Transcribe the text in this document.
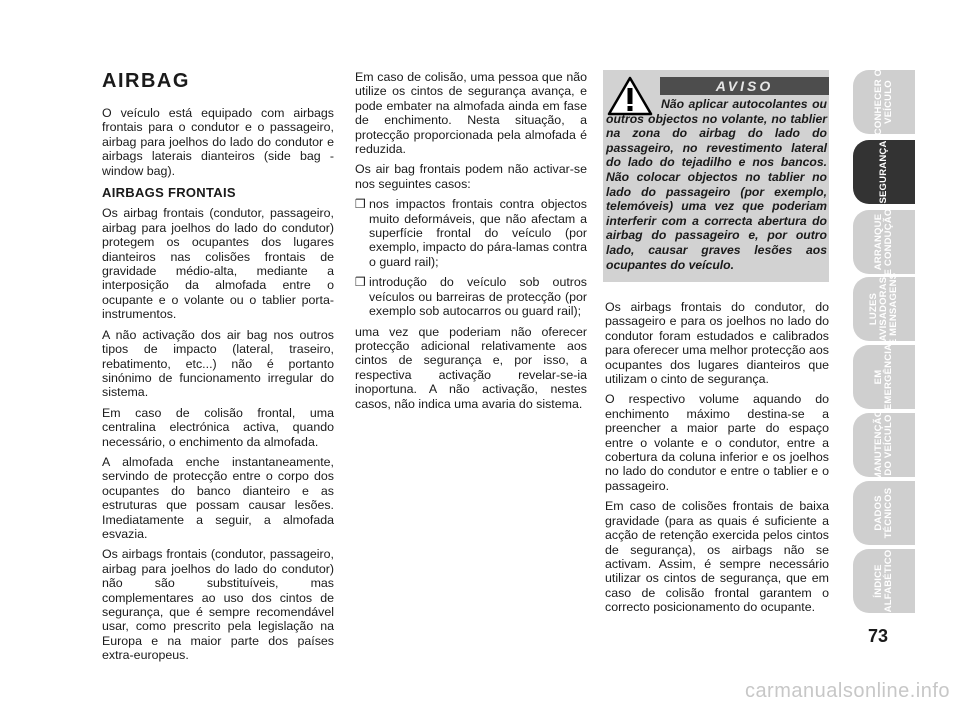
AIRBAG

O veículo está equipado com airbags frontais para o condutor e o passageiro, airbag para joelhos do lado do condutor e airbags laterais dianteiros (side bag - window bag).

AIRBAGS FRONTAIS

Os airbag frontais (condutor, passageiro, airbag para joelhos do lado do condutor) protegem os ocupantes dos lugares dianteiros nas colisões frontais de gravidade médio-alta, mediante a interposição da almofada entre o ocupante e o volante ou o tablier porta-instrumentos.

A não activação dos air bag nos outros tipos de impacto (lateral, traseiro, rebatimento, etc...) não é portanto sinónimo de funcionamento irregular do sistema.

Em caso de colisão frontal, uma centralina electrónica activa, quando necessário, o enchimento da almofada.

A almofada enche instantaneamente, servindo de protecção entre o corpo dos ocupantes do banco dianteiro e as estruturas que possam causar lesões. Imediatamente a seguir, a almofada esvazia.

Os airbags frontais (condutor, passageiro, airbag para joelhos do lado do condutor) não são substituíveis, mas complementares ao uso dos cintos de segurança, que é sempre recomendável usar, como prescrito pela legislação na Europa e na maior parte dos países extra-europeus.

Em caso de colisão, uma pessoa que não utilize os cintos de segurança avança, e pode embater na almofada ainda em fase de enchimento. Nesta situação, a protecção proporcionada pela almofada é reduzida.

Os air bag frontais podem não activar-se nos seguintes casos:

❒ nos impactos frontais contra objectos muito deformáveis, que não afectam a superfície frontal do veículo (por exemplo, impacto do pára-lamas contra o guard rail);
❒ introdução do veículo sob outros veículos ou barreiras de protecção (por exemplo sob autocarros ou guard rail);

uma vez que poderiam não oferecer protecção adicional relativamente aos cintos de segurança e, por isso, a respectiva activação revelar-se-ia inoportuna. A não activação, nestes casos, não indica uma avaria do sistema.

AVISO
Não aplicar autocolantes ou outros objectos no volante, no tablier na zona do airbag do lado do passageiro, no revestimento lateral do lado do tejadilho e nos bancos. Não colocar objectos no tablier no lado do passageiro (por exemplo, telemóveis) uma vez que poderiam interferir com a correcta abertura do airbag do passageiro e, por outro lado, causar graves lesões aos ocupantes do veículo.

Os airbags frontais do condutor, do passageiro e para os joelhos no lado do condutor foram estudados e calibrados para oferecer uma melhor protecção aos ocupantes dos lugares dianteiros que utilizam o cinto de segurança.

O respectivo volume aquando do enchimento máximo destina-se a preencher a maior parte do espaço entre o volante e o condutor, entre a cobertura da coluna inferior e os joelhos no lado do condutor e entre o tablier e o passageiro.

Em caso de colisões frontais de baixa gravidade (para as quais é suficiente a acção de retenção exercida pelos cintos de segurança), os airbags não se activam. Assim, é sempre necessário utilizar os cintos de segurança, que em caso de colisão frontal garantem o correcto posicionamento do ocupante.

CONHECER O
VEÍCULO
SEGURANÇA
ARRANQUE
E CONDUÇÃO
LUZES
AVISADORAS
E MENSAGENS
EM
EMERGÊNCIA
MANUTENÇÃO
DO VEÍCULO
DADOS
TÉCNICOS
ÍNDICE
ALFABÉTICO
73
carmanualsonline.info
